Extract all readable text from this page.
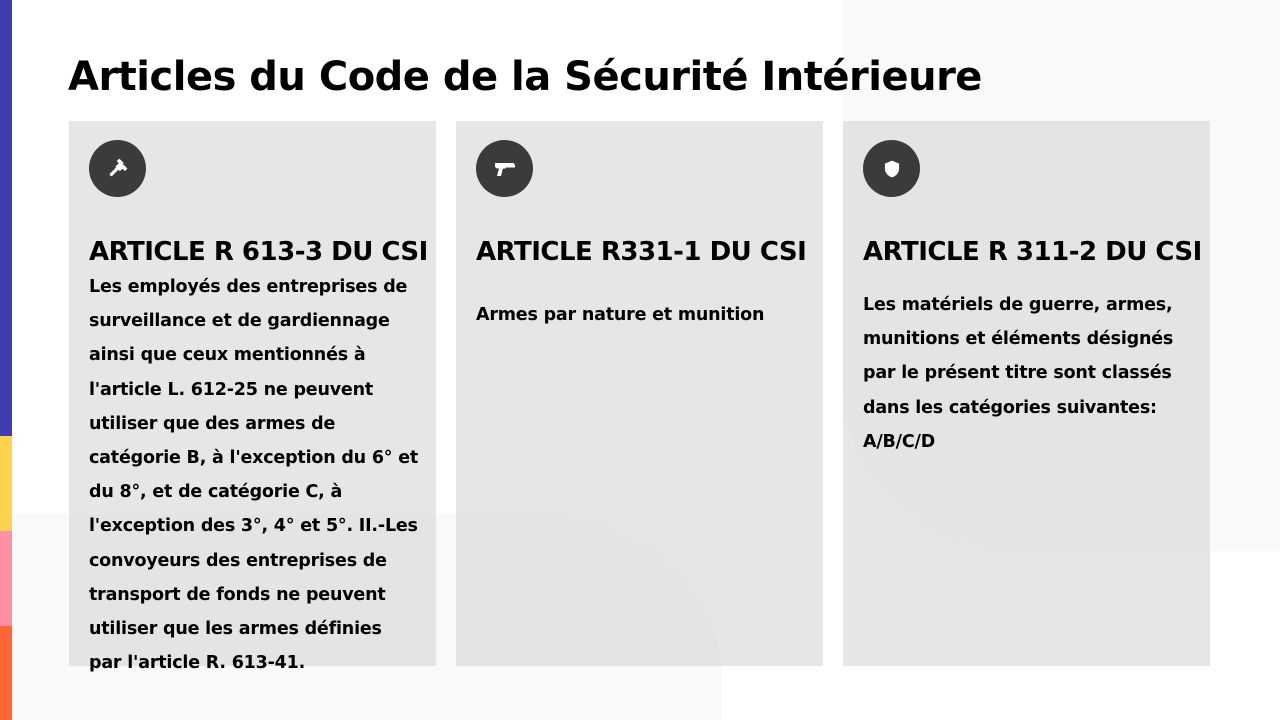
Articles du Code de la Sécurité Intérieure
ARTICLE R 613-3 DU CSI

Les employés des entreprises de surveillance et de gardiennage ainsi que ceux mentionnés à l'article L. 612-25 ne peuvent utiliser que des armes de catégorie B, à l'exception du 6° et du 8°, et de catégorie C, à l'exception des 3°, 4° et 5°. II.-Les convoyeurs des entreprises de transport de fonds ne peuvent utiliser que les armes définies par l'article R. 613-41.

ARTICLE R331-1 DU CSI

Armes par nature et munition

ARTICLE R 311-2 DU CSI

Les matériels de guerre, armes, munitions et éléments désignés par le présent titre sont classés dans les catégories suivantes: A/B/C/D
